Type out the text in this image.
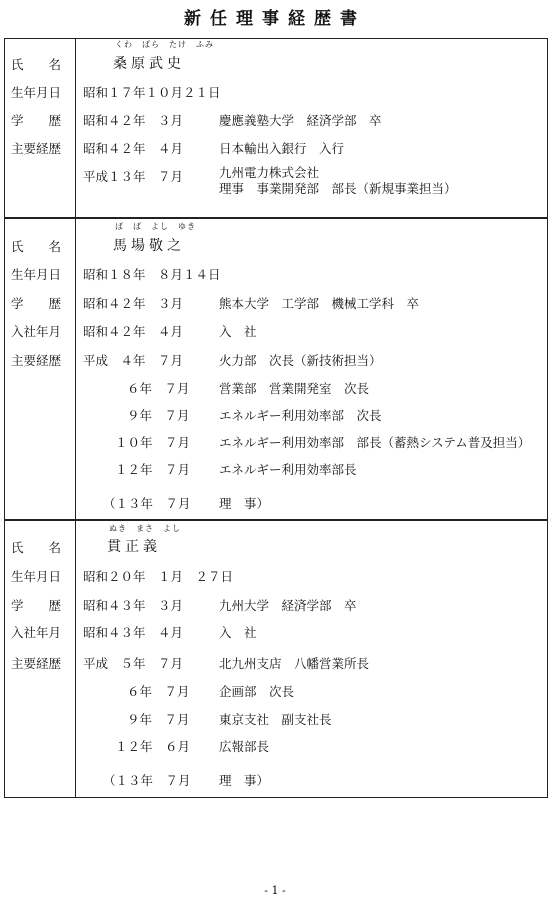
新任理事経歴書
くわ　ばら　たけ　ふみ
氏　　名	桑原武史
生年月日 昭和１７年１０月２１日
学　　歴 昭和４２年　３月	慶應義塾大学　経済学部　卒
主要経歴 昭和４２年　４月	日本輸出入銀行　入行
平成１３年　７月	九州電力株式会社
理事　事業開発部　部長（新規事業担当）
ば　ば　よし　ゆき
氏　　名	馬場敬之
生年月日 昭和１８年　８月１４日
学　　歴 昭和４２年　３月	熊本大学　工学部　機械工学科　卒
入社年月 昭和４２年　４月	入　社
主要経歴 平成　４年　７月	火力部　次長（新技術担当）
６年　７月 営業部　営業開発室　次長
９年　７月 エネルギー利用効率部　次長
１０年　７月 エネルギー利用効率部　部長（蓄熱システム普及担当）
１２年　７月 エネルギー利用効率部長
（１３年　７月 理　事）
ぬき　まさ　よし
氏　　名	貫正義
生年月日 昭和２０年　１月　２７日
学　　歴 昭和４３年　３月	九州大学　経済学部　卒
入社年月 昭和４３年　４月	入　社
主要経歴 平成　５年　７月	北九州支店　八幡営業所長
６年　７月 企画部　次長
９年　７月 東京支社　副支社長
１２年　６月 広報部長
（１３年　７月 理　事）
- 1 -
